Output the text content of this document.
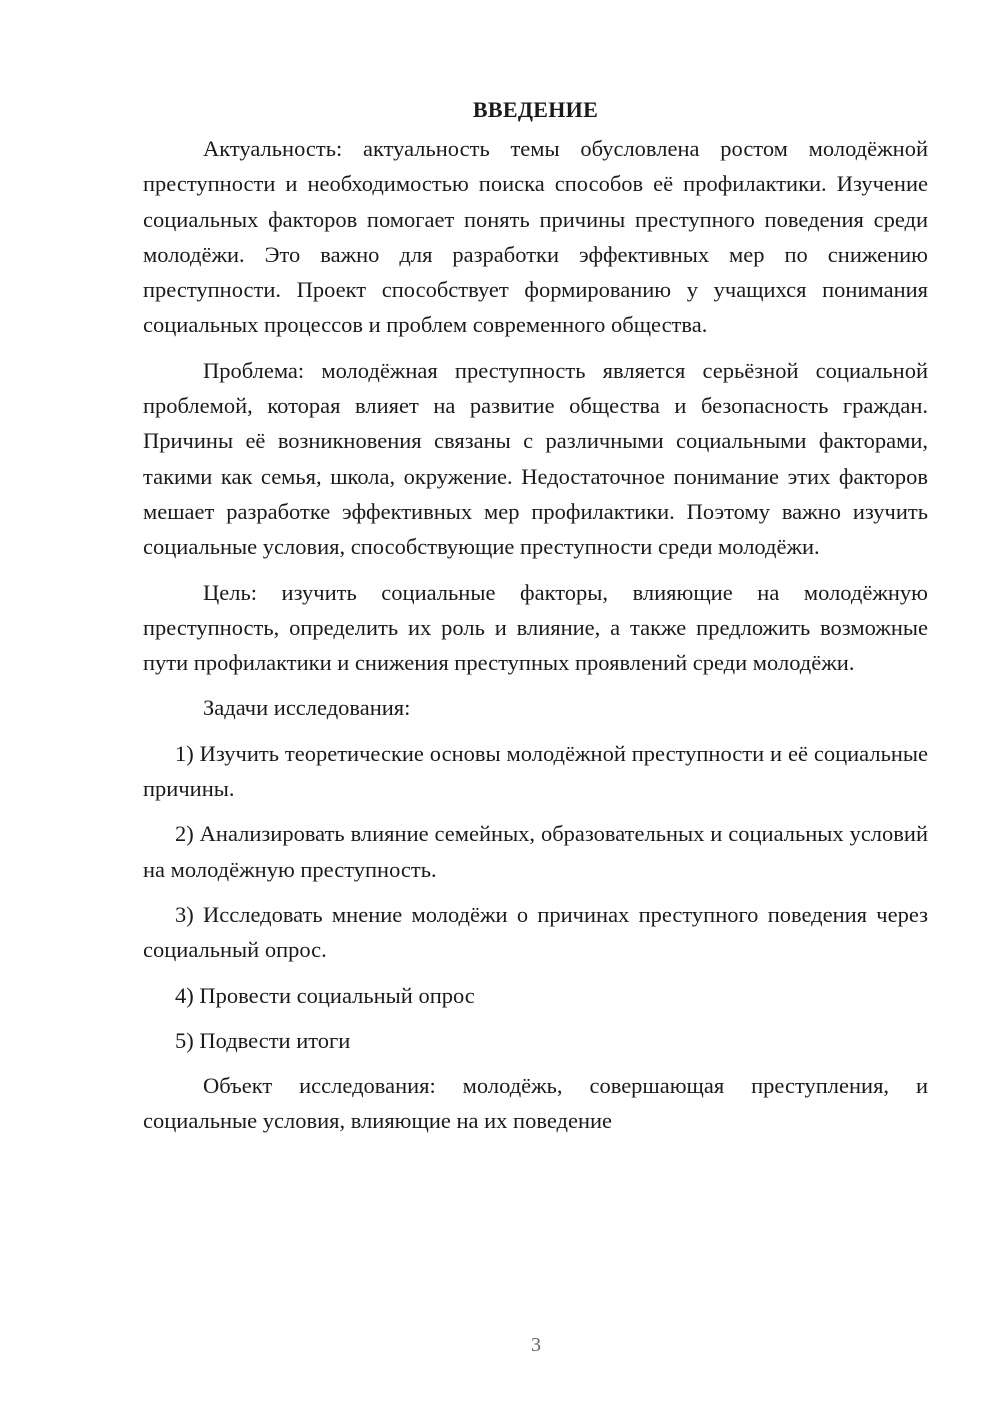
ВВЕДЕНИЕ

Актуальность: актуальность темы обусловлена ростом молодёжной преступности и необходимостью поиска способов её профилактики. Изучение социальных факторов помогает понять причины преступного поведения среди молодёжи. Это важно для разработки эффективных мер по снижению преступности. Проект способствует формированию у учащихся понимания социальных процессов и проблем современного общества.

Проблема: молодёжная преступность является серьёзной социальной проблемой, которая влияет на развитие общества и безопасность граждан. Причины её возникновения связаны с различными социальными факторами, такими как семья, школа, окружение. Недостаточное понимание этих факторов мешает разработке эффективных мер профилактики. Поэтому важно изучить социальные условия, способствующие преступности среди молодёжи.

Цель: изучить социальные факторы, влияющие на молодёжную преступность, определить их роль и влияние, а также предложить возможные пути профилактики и снижения преступных проявлений среди молодёжи.

Задачи исследования:

1) Изучить теоретические основы молодёжной преступности и её социальные причины.

2) Анализировать влияние семейных, образовательных и социальных условий на молодёжную преступность.

3) Исследовать мнение молодёжи о причинах преступного поведения через социальный опрос.

4) Провести социальный опрос

5) Подвести итоги

Объект исследования: молодёжь, совершающая преступления, и социальные условия, влияющие на их поведение

3
